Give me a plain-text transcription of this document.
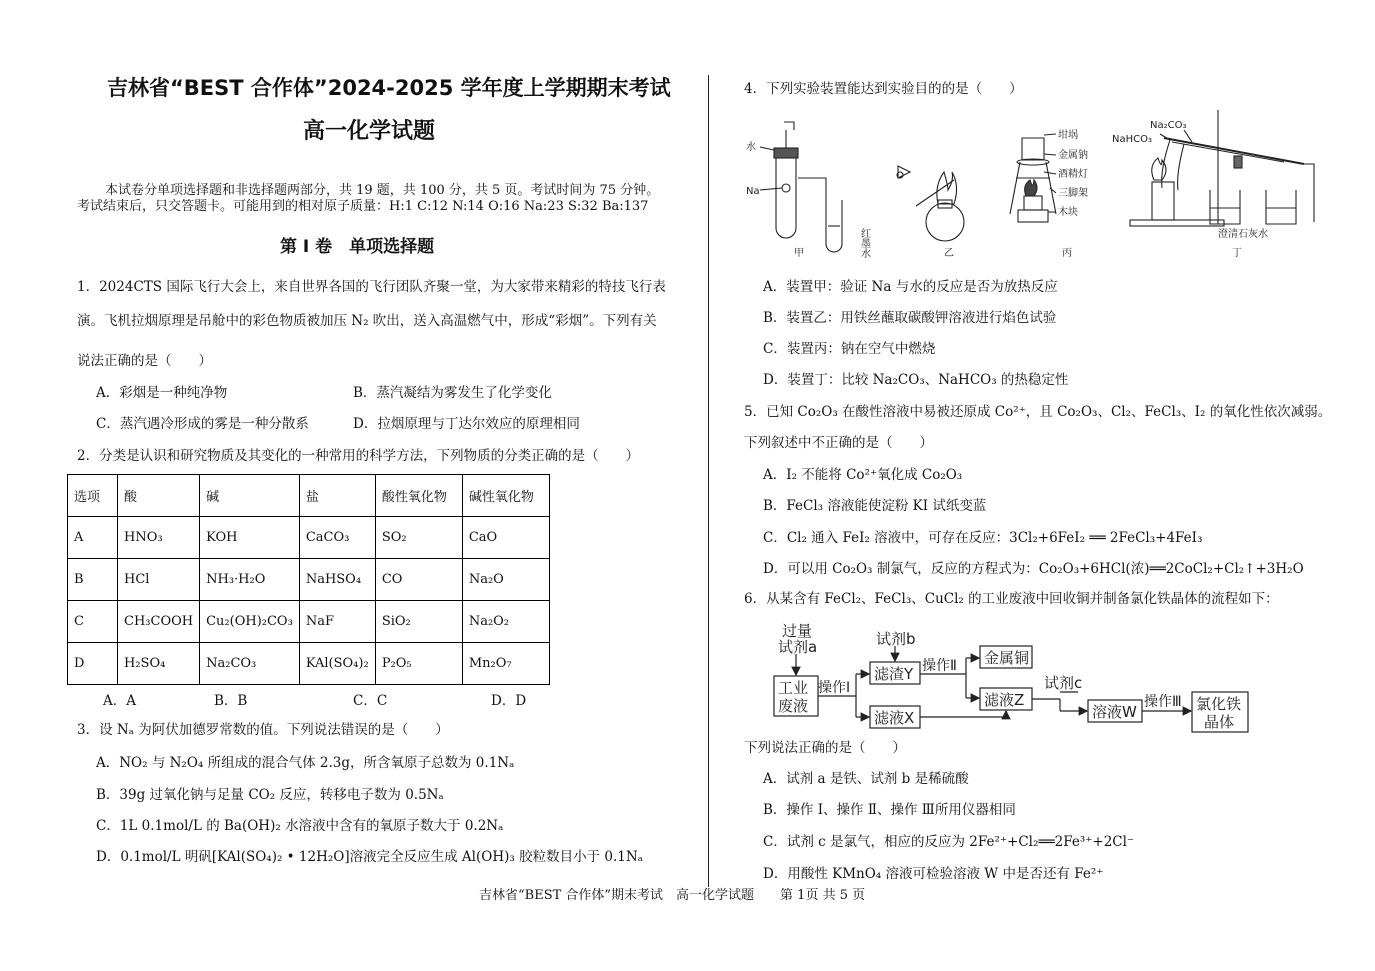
吉林省“BEST 合作体”2024-2025 学年度上学期期末考试
高一化学试题
本试卷分单项选择题和非选择题两部分，共 19 题，共 100 分，共 5 页。考试时间为 75 分钟。
考试结束后，只交答题卡。可能用到的相对原子质量：H:1 C:12 N:14 O:16 Na:23 S:32 Ba:137
第 Ⅰ 卷　单项选择题
1．2024CTS 国际飞行大会上，来自世界各国的飞行团队齐聚一堂，为大家带来精彩的特技飞行表
演。飞机拉烟原理是吊舱中的彩色物质被加压 N₂ 吹出，送入高温燃气中，形成“彩烟”。下列有关
说法正确的是（　　）
A．彩烟是一种纯净物	B．蒸汽凝结为雾发生了化学变化
C．蒸汽遇冷形成的雾是一种分散系	D．拉烟原理与丁达尔效应的原理相同
2．分类是认识和研究物质及其变化的一种常用的科学方法，下列物质的分类正确的是（　　）
选项	酸	碱	盐	酸性氧化物	碱性氧化物
A	HNO₃	KOH	CaCO₃	SO₂	CaO
B	HCl	NH₃·H₂O	NaHSO₄	CO	Na₂O
C	CH₃COOH	Cu₂(OH)₂CO₃	NaF	SiO₂	Na₂O₂
D	H₂SO₄	Na₂CO₃	KAl(SO₄)₂	P₂O₅	Mn₂O₇
A．A	B．B	C．C	D．D
3．设 Nₐ 为阿伏加德罗常数的值。下列说法错误的是（　　）
A．NO₂ 与 N₂O₄ 所组成的混合气体 2.3g，所含氧原子总数为 0.1Nₐ
B．39g 过氧化钠与足量 CO₂ 反应，转移电子数为 0.5Nₐ
C．1L 0.1mol/L 的 Ba(OH)₂ 水溶液中含有的氧原子数大于 0.2Nₐ
D．0.1mol/L 明矾[KAl(SO₄)₂ • 12H₂O]溶液完全反应生成 Al(OH)₃ 胶粒数目小于 0.1Nₐ
4．下列实验装置能达到实验目的的是（　　）
水
Na
红墨水
甲	乙
坩埚
金属钠
酒精灯
三脚架
木块
丙
NaHCO₃
Na₂CO₃
澄清石灰水
丁
A．装置甲：验证 Na 与水的反应是否为放热反应
B．装置乙：用铁丝蘸取碳酸钾溶液进行焰色试验
C．装置丙：钠在空气中燃烧
D．装置丁：比较 Na₂CO₃、NaHCO₃ 的热稳定性
5．已知 Co₂O₃ 在酸性溶液中易被还原成 Co²⁺，且 Co₂O₃、Cl₂、FeCl₃、I₂ 的氧化性依次减弱。
下列叙述中不正确的是（　　）
A．I₂ 不能将 Co²⁺氧化成 Co₂O₃
B．FeCl₃ 溶液能使淀粉 KI 试纸变蓝
C．Cl₂ 通入 FeI₂ 溶液中，可存在反应：3Cl₂+6FeI₂ ══ 2FeCl₃+4FeI₃
D．可以用 Co₂O₃ 制氯气，反应的方程式为：Co₂O₃+6HCl(浓)══2CoCl₂+Cl₂↑+3H₂O
6．从某含有 FeCl₂、FeCl₃、CuCl₂ 的工业废液中回收铜并制备氯化铁晶体的流程如下：
过量
试剂a
工业
废液
操作Ⅰ
试剂b
滤渣Y
滤液X
操作Ⅱ 金属铜
滤液Z
试剂c
溶液W
操作Ⅲ 氯化铁
晶体
下列说法正确的是（　　）
A．试剂 a 是铁、试剂 b 是稀硫酸
B．操作 Ⅰ、操作 Ⅱ、操作 Ⅲ所用仪器相同
C．试剂 c 是氯气，相应的反应为 2Fe²⁺+Cl₂══2Fe³⁺+2Cl⁻
D．用酸性 KMnO₄ 溶液可检验溶液 W 中是否还有 Fe²⁺
吉林省“BEST 合作体”期末考试　高一化学试题　　第 1页 共 5 页
